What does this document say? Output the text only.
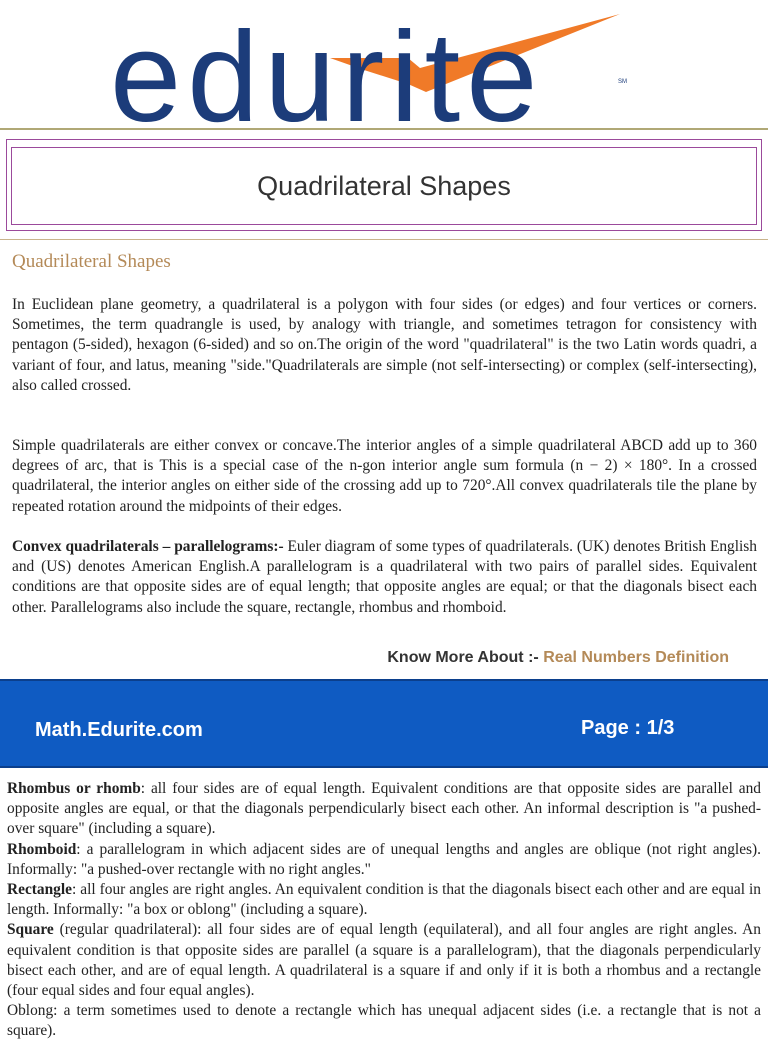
edurite	SM
Quadrilateral Shapes
Quadrilateral Shapes
In Euclidean plane geometry, a quadrilateral is a polygon with four sides (or edges) and four vertices or corners. Sometimes, the term quadrangle is used, by analogy with triangle, and sometimes tetragon for consistency with pentagon (5-sided), hexagon (6-sided) and so on.The origin of the word "quadrilateral" is the two Latin words quadri, a variant of four, and latus, meaning "side."Quadrilaterals are simple (not self-intersecting) or complex (self-intersecting), also called crossed.
Simple quadrilaterals are either convex or concave.The interior angles of a simple quadrilateral ABCD add up to 360 degrees of arc, that is This is a special case of the n-gon interior angle sum formula (n − 2) × 180°. In a crossed quadrilateral, the interior angles on either side of the crossing add up to 720°.All convex quadrilaterals tile the plane by repeated rotation around the midpoints of their edges.
Convex quadrilaterals – parallelograms:- Euler diagram of some types of quadrilaterals. (UK) denotes British English and (US) denotes American English.A parallelogram is a quadrilateral with two pairs of parallel sides. Equivalent conditions are that opposite sides are of equal length; that opposite angles are equal; or that the diagonals bisect each other. Parallelograms also include the square, rectangle, rhombus and rhomboid.
Know More About :- Real Numbers Definition
Math.Edurite.com	Page : 1/3

Rhombus or rhomb: all four sides are of equal length. Equivalent conditions are that opposite sides are parallel and opposite angles are equal, or that the diagonals perpendicularly bisect each other. An informal description is "a pushed-over square" (including a square).

Rhomboid: a parallelogram in which adjacent sides are of unequal lengths and angles are oblique (not right angles). Informally: "a pushed-over rectangle with no right angles."

Rectangle: all four angles are right angles. An equivalent condition is that the diagonals bisect each other and are equal in length. Informally: "a box or oblong" (including a square).

Square (regular quadrilateral): all four sides are of equal length (equilateral), and all four angles are right angles. An equivalent condition is that opposite sides are parallel (a square is a parallelogram), that the diagonals perpendicularly bisect each other, and are of equal length. A quadrilateral is a square if and only if it is both a rhombus and a rectangle (four equal sides and four equal angles).

Oblong: a term sometimes used to denote a rectangle which has unequal adjacent sides (i.e. a rectangle that is not a square).
